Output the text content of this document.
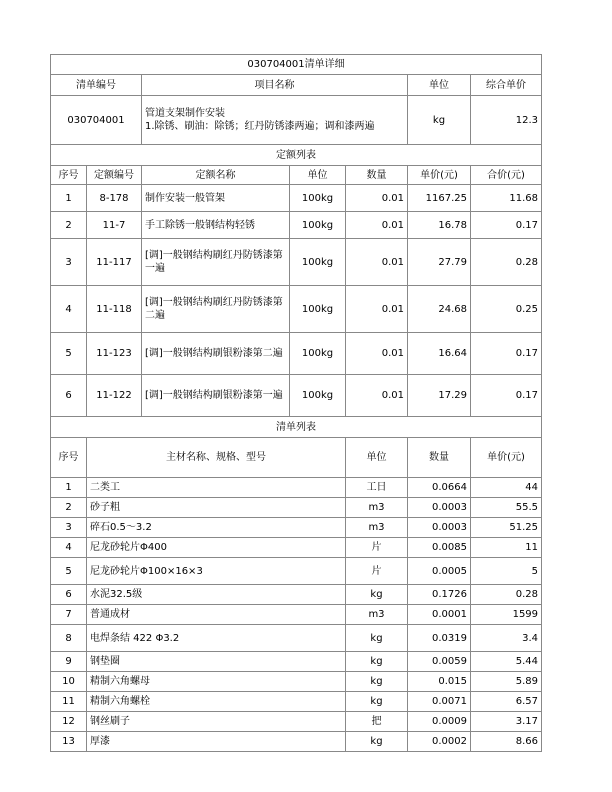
030704001清单详细							
清单编号		项目名称			单位	综合单价	
030704001		管道支架制作安装
1.除锈、刷油：除锈；红丹防锈漆两遍；调和漆两遍			kg	12.3	
定额列表							
序号	定额编号	定额名称	单位	数量	单价(元)	合价(元)	
1	8-178	制作安装一般管架	100kg	0.01	1167.25	11.68	
2	11-7	手工除锈一般钢结构轻锈	100kg	0.01	16.78	0.17	
3	11-117	[调]一般钢结构刷红丹防锈漆第一遍	100kg	0.01	27.79	0.28	
4	11-118	[调]一般钢结构刷红丹防锈漆第二遍	100kg	0.01	24.68	0.25	
5	11-123	[调]一般钢结构刷银粉漆第二遍	100kg	0.01	16.64	0.17	
6	11-122	[调]一般钢结构刷银粉漆第一遍	100kg	0.01	17.29	0.17	
清单列表							
序号	主材名称、规格、型号			单位	数量	单价(元)	
1	二类工			工日	0.0664	44	
2	砂子粗			m3	0.0003	55.5	
3	碎石0.5～3.2			m3	0.0003	51.25	
4	尼龙砂轮片Φ400			片	0.0085	11	
5	尼龙砂轮片Φ100×16×3			片	0.0005	5	
6	水泥32.5级			kg	0.1726	0.28	
7	普通成材			m3	0.0001	1599	
8	电焊条结 422 Φ3.2			kg	0.0319	3.4	
9	钢垫圈			kg	0.0059	5.44	
10	精制六角螺母			kg	0.015	5.89	
11	精制六角螺栓			kg	0.0071	6.57	
12	钢丝刷子			把	0.0009	3.17	
13	厚漆			kg	0.0002	8.66	
